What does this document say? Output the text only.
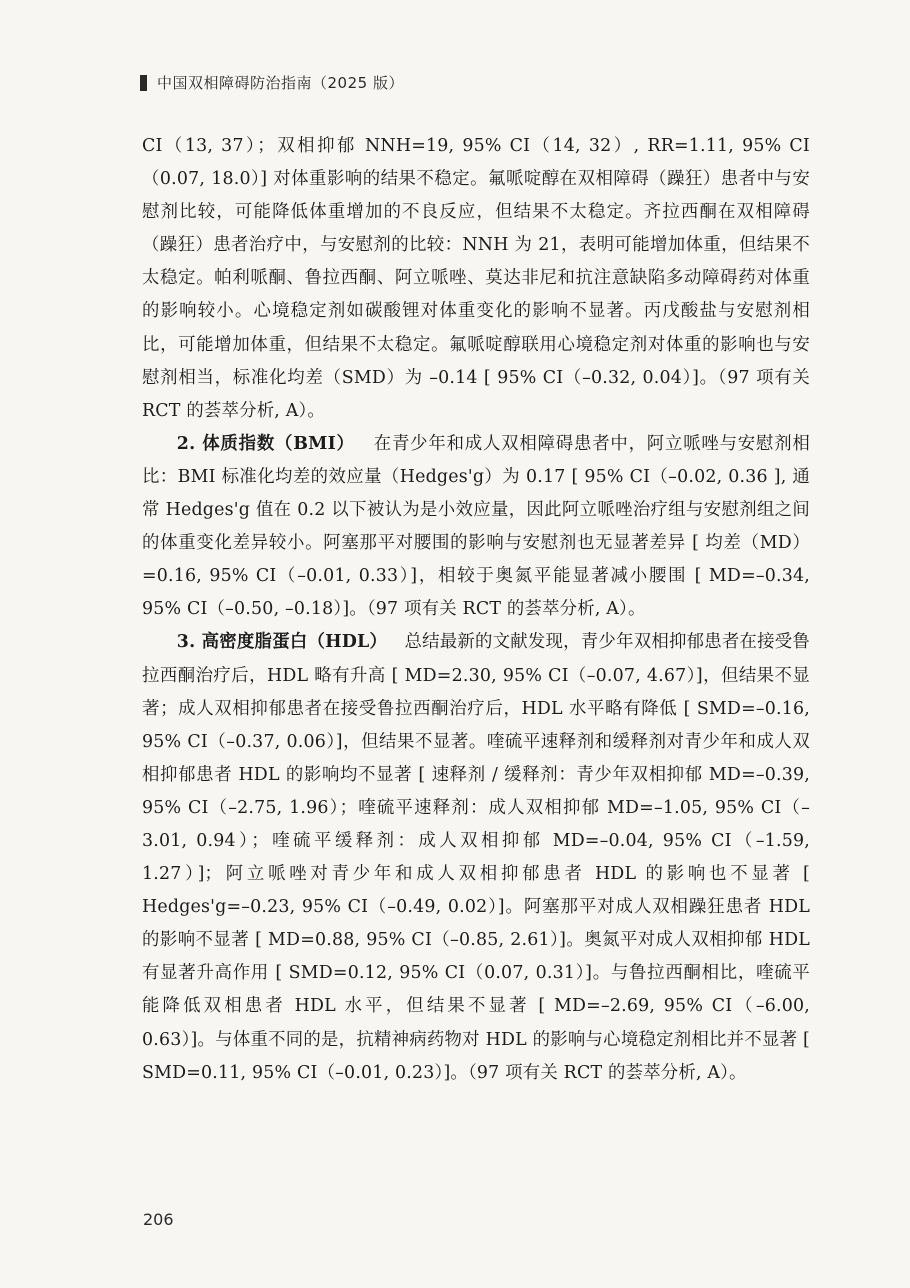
中国双相障碍防治指南（2025 版）

CI（13, 37）；双相抑郁 NNH=19, 95% CI（14, 32）, RR=1.11, 95% CI（0.07, 18.0）] 对体重影响的结果不稳定。氟哌啶醇在双相障碍（躁狂）患者中与安慰剂比较，可能降低体重增加的不良反应，但结果不太稳定。齐拉西酮在双相障碍（躁狂）患者治疗中，与安慰剂的比较：NNH 为 21，表明可能增加体重，但结果不太稳定。帕利哌酮、鲁拉西酮、阿立哌唑、莫达非尼和抗注意缺陷多动障碍药对体重的影响较小。心境稳定剂如碳酸锂对体重变化的影响不显著。丙戊酸盐与安慰剂相比，可能增加体重，但结果不太稳定。氟哌啶醇联用心境稳定剂对体重的影响也与安慰剂相当，标准化均差（SMD）为 –0.14 [ 95% CI（–0.32, 0.04）]。（97 项有关 RCT 的荟萃分析, A）。

2. 体质指数（BMI） 在青少年和成人双相障碍患者中，阿立哌唑与安慰剂相比：BMI 标准化均差的效应量（Hedges'g）为 0.17 [ 95% CI（–0.02, 0.36 ], 通常 Hedges'g 值在 0.2 以下被认为是小效应量，因此阿立哌唑治疗组与安慰剂组之间的体重变化差异较小。阿塞那平对腰围的影响与安慰剂也无显著差异 [ 均差（MD）=0.16, 95% CI（–0.01, 0.33）]，相较于奥氮平能显著减小腰围 [ MD=–0.34, 95% CI（–0.50, –0.18）]。（97 项有关 RCT 的荟萃分析, A）。

3. 高密度脂蛋白（HDL） 总结最新的文献发现，青少年双相抑郁患者在接受鲁拉西酮治疗后，HDL 略有升高 [ MD=2.30, 95% CI（–0.07, 4.67）]，但结果不显著；成人双相抑郁患者在接受鲁拉西酮治疗后，HDL 水平略有降低 [ SMD=–0.16, 95% CI（–0.37, 0.06）]，但结果不显著。喹硫平速释剂和缓释剂对青少年和成人双相抑郁患者 HDL 的影响均不显著 [ 速释剂 / 缓释剂：青少年双相抑郁 MD=–0.39, 95% CI（–2.75, 1.96）；喹硫平速释剂：成人双相抑郁 MD=–1.05, 95% CI（–3.01, 0.94）；喹硫平缓释剂：成人双相抑郁 MD=–0.04, 95% CI（–1.59, 1.27）]；阿立哌唑对青少年和成人双相抑郁患者 HDL 的影响也不显著 [ Hedges'g=–0.23, 95% CI（–0.49, 0.02）]。阿塞那平对成人双相躁狂患者 HDL 的影响不显著 [ MD=0.88, 95% CI（–0.85, 2.61）]。奥氮平对成人双相抑郁 HDL 有显著升高作用 [ SMD=0.12, 95% CI（0.07, 0.31）]。与鲁拉西酮相比，喹硫平能降低双相患者 HDL 水平，但结果不显著 [ MD=–2.69, 95% CI（–6.00, 0.63）]。与体重不同的是，抗精神病药物对 HDL 的影响与心境稳定剂相比并不显著 [ SMD=0.11, 95% CI（–0.01, 0.23）]。（97 项有关 RCT 的荟萃分析, A）。

206
